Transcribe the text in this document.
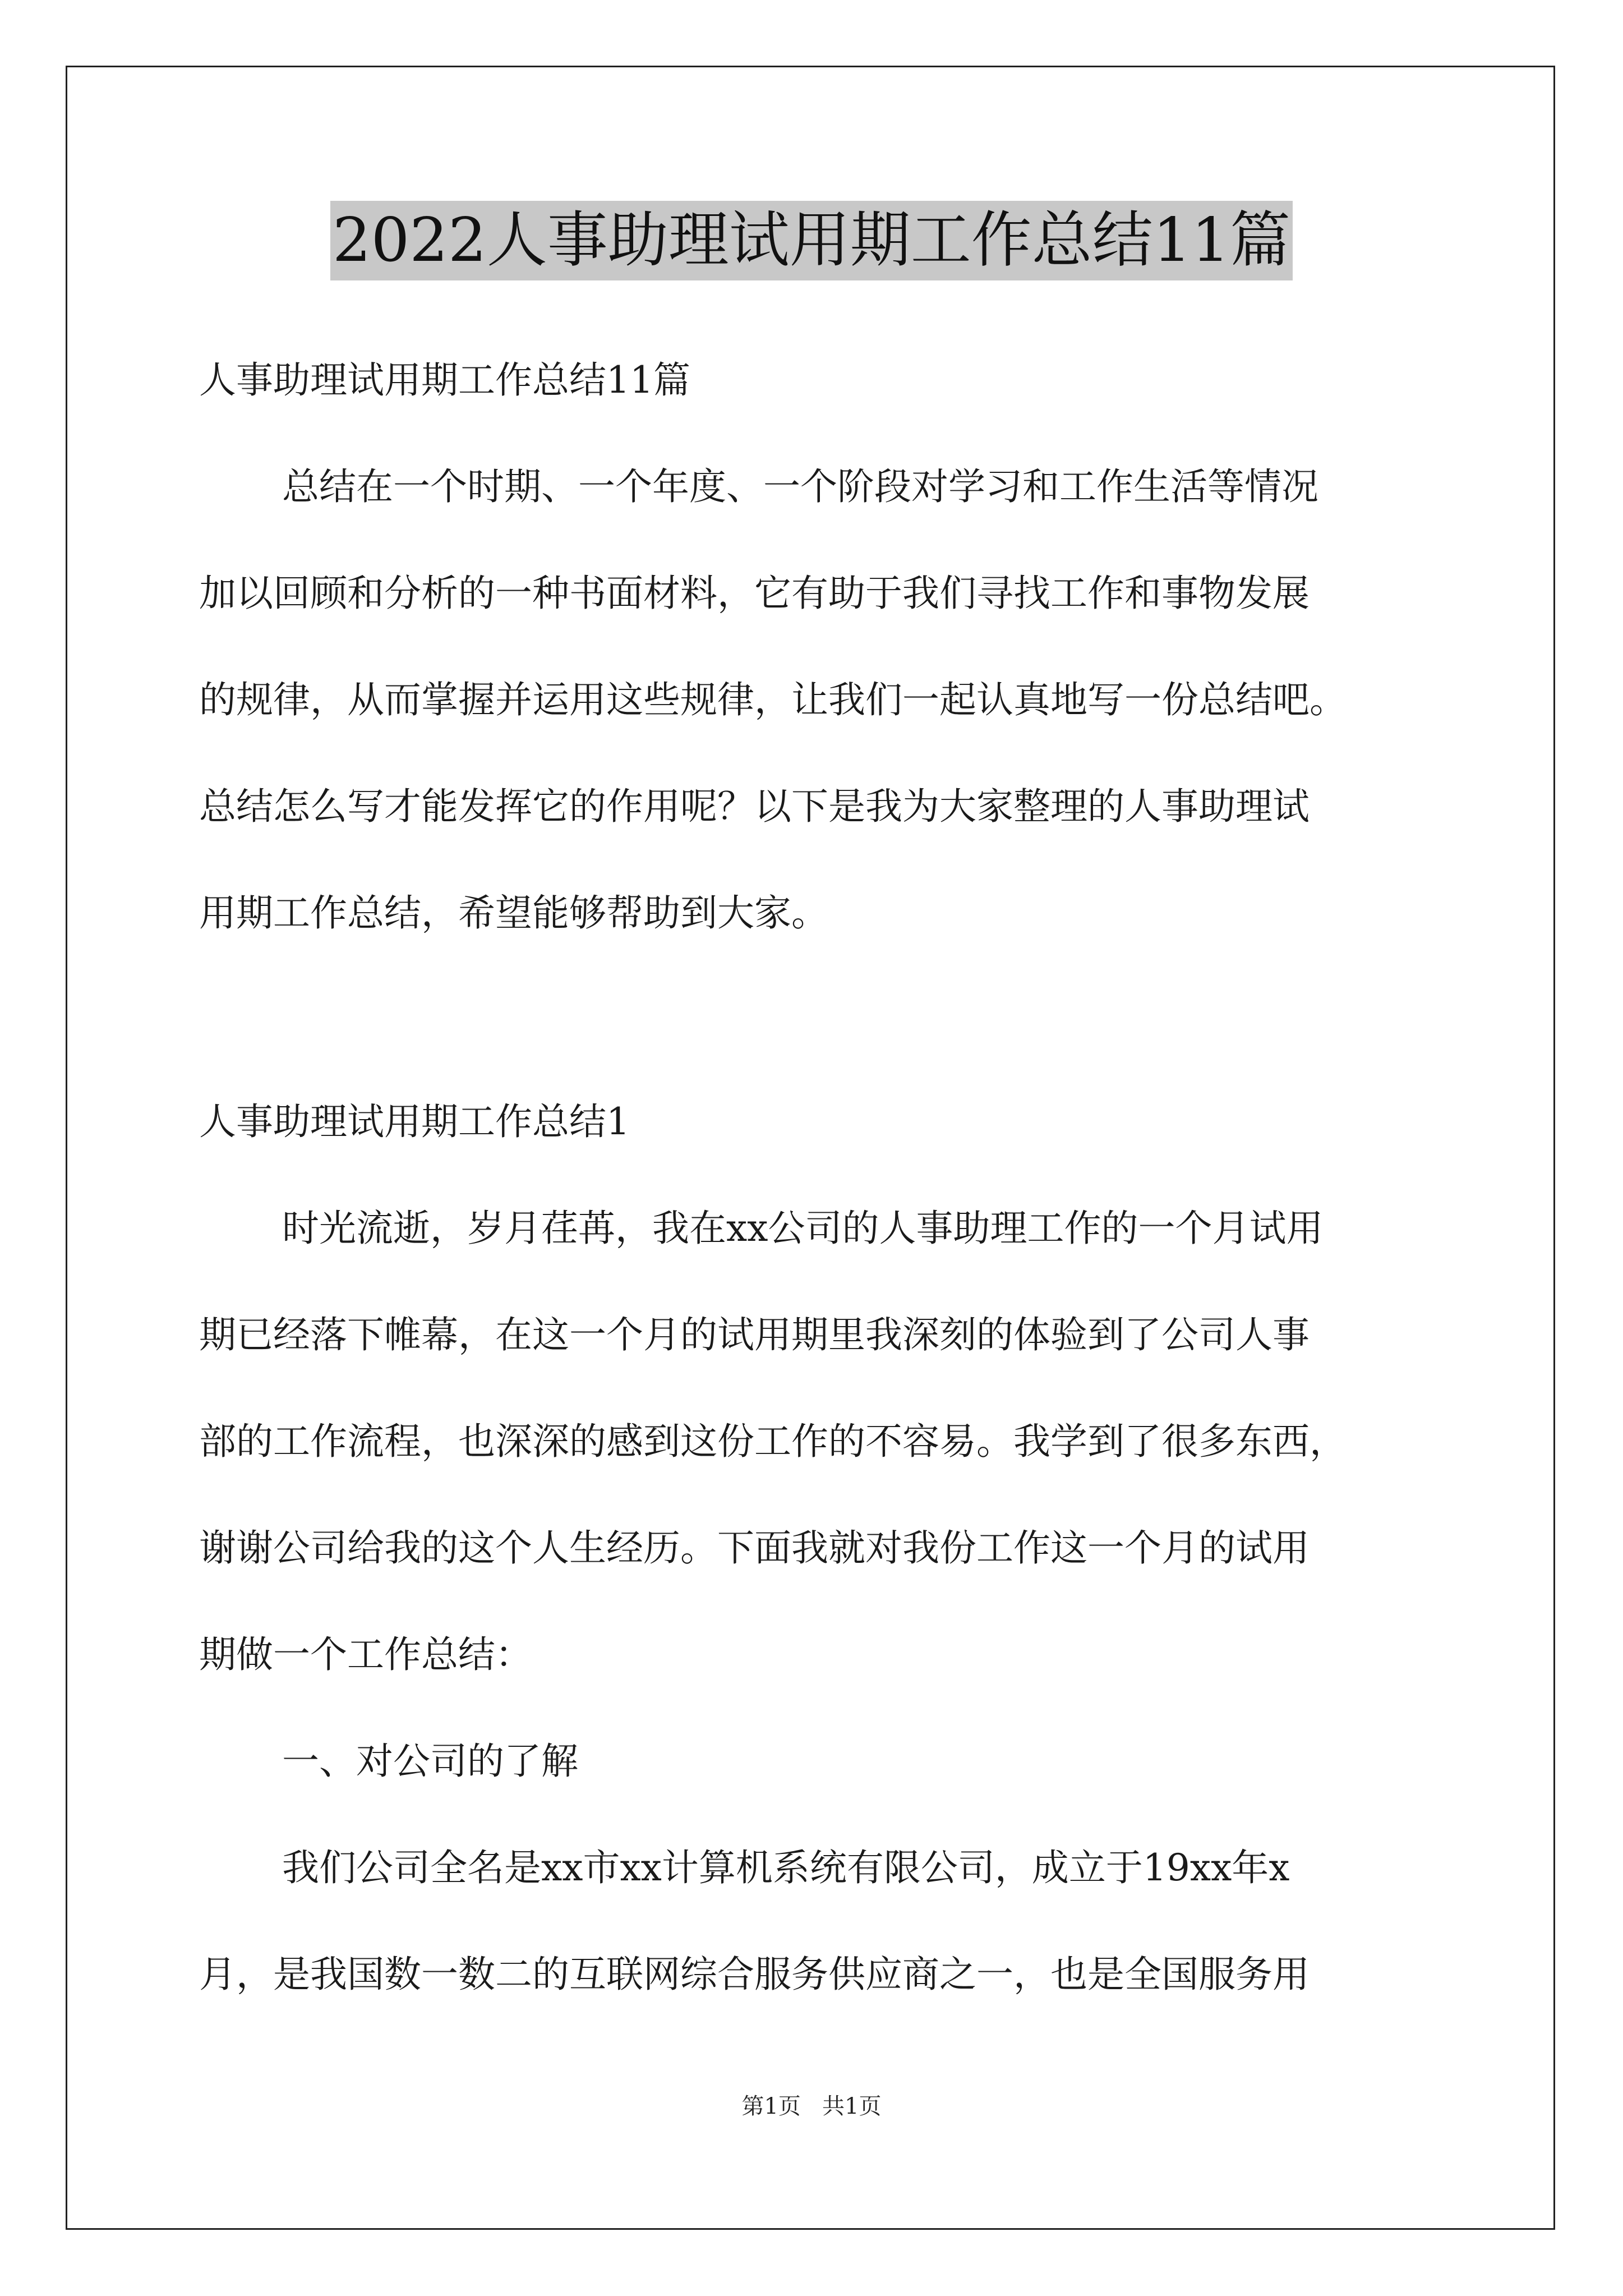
2022人事助理试用期工作总结11篇
人事助理试用期工作总结11篇
总结在一个时期、一个年度、一个阶段对学习和工作生活等情况
加以回顾和分析的一种书面材料，它有助于我们寻找工作和事物发展
的规律，从而掌握并运用这些规律，让我们一起认真地写一份总结吧。
总结怎么写才能发挥它的作用呢？以下是我为大家整理的人事助理试
用期工作总结，希望能够帮助到大家。
人事助理试用期工作总结1
时光流逝，岁月荏苒，我在xx公司的人事助理工作的一个月试用
期已经落下帷幕，在这一个月的试用期里我深刻的体验到了公司人事
部的工作流程，也深深的感到这份工作的不容易。我学到了很多东西，
谢谢公司给我的这个人生经历。下面我就对我份工作这一个月的试用
期做一个工作总结：
一、对公司的了解
我们公司全名是xx市xx计算机系统有限公司，成立于19xx年x
月，是我国数一数二的互联网综合服务供应商之一，也是全国服务用
第1页   共1页
